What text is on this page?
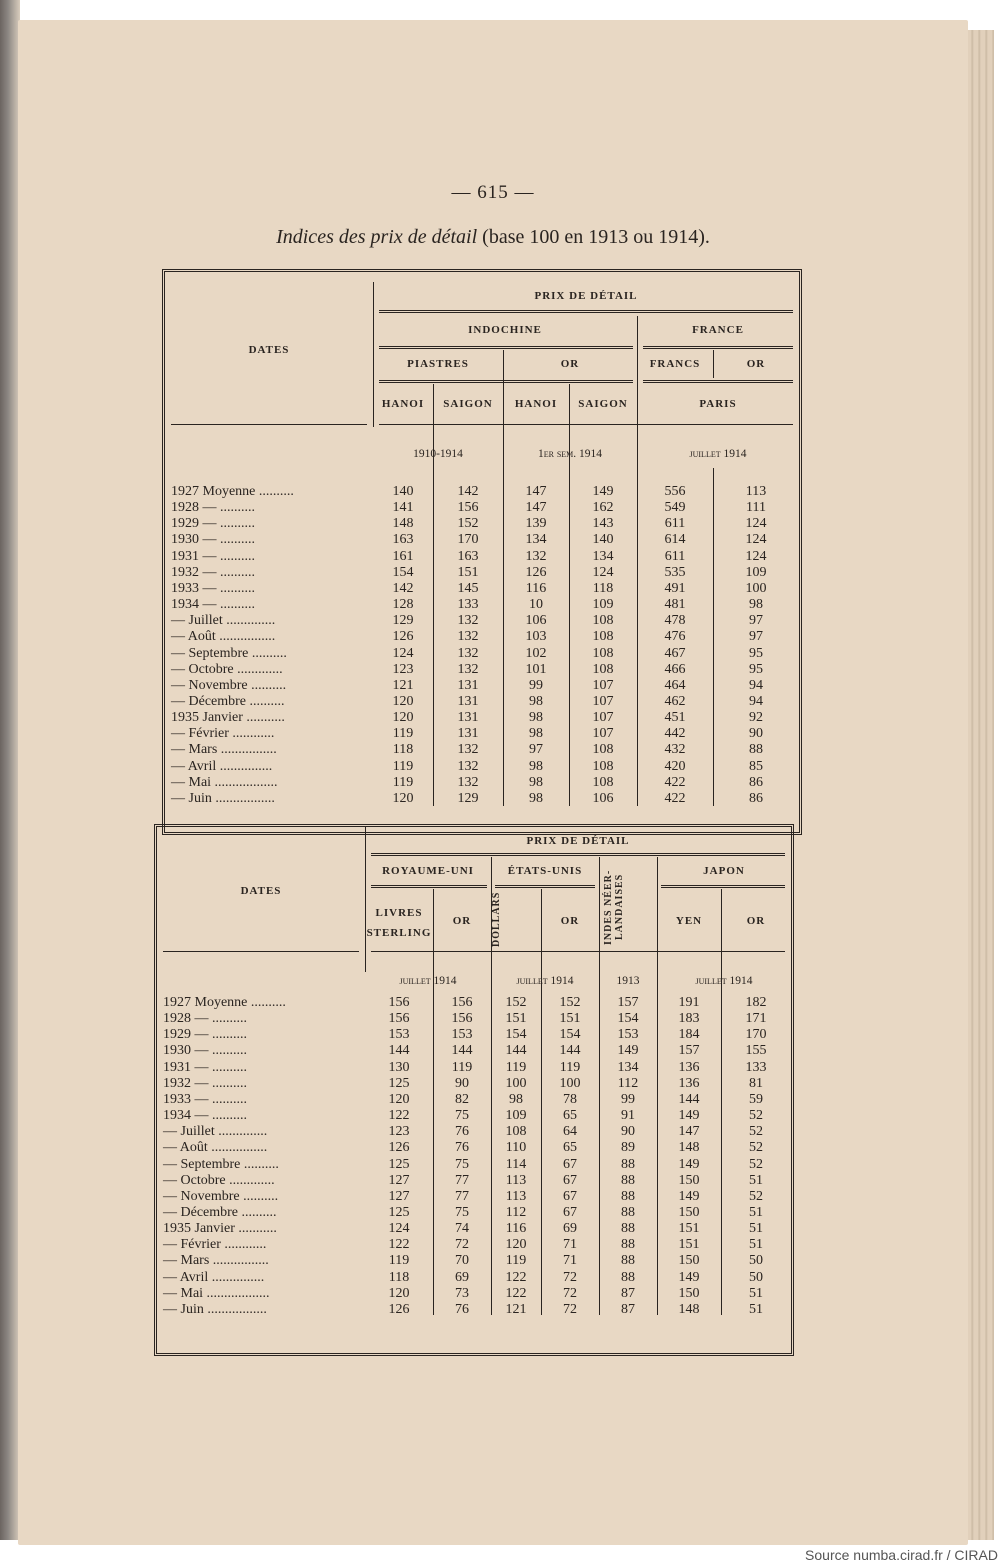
— 615 —
Indices des prix de détail (base 100 en 1913 ou 1914).
DATES
PRIX DE DÉTAIL
INDOCHINE	FRANCE
PIASTRES	OR	FRANCS	OR
HANOI	SAIGON	HANOI	SAIGON	PARIS
1910-1914	1er sem. 1914	juillet 1914
1927 Moyenne ..........	140	142	147	149	556	113
1928 — ..........	141	156	147	162	549	111
1929 — ..........	148	152	139	143	611	124
1930 — ..........	163	170	134	140	614	124
1931 — ..........	161	163	132	134	611	124
1932 — ..........	154	151	126	124	535	109
1933 — ..........	142	145	116	118	491	100
1934 — ..........	128	133	10	109	481	98
— Juillet ..............	129	132	106	108	478	97
— Août ................	126	132	103	108	476	97
— Septembre ..........	124	132	102	108	467	95
— Octobre .............	123	132	101	108	466	95
— Novembre ..........	121	131	99	107	464	94
— Décembre ..........	120	131	98	107	462	94
1935 Janvier ...........	120	131	98	107	451	92
— Février ............	119	131	98	107	442	90
— Mars ................	118	132	97	108	432	88
— Avril ...............	119	132	98	108	420	85
— Mai ..................	119	132	98	108	422	86
— Juin .................	120	129	98	106	422	86
DATES
PRIX DE DÉTAIL
ROYAUME-UNI	ÉTATS-UNIS	JAPON
INDES NÉER-LANDAISES
LIVRES
STERLING
OR	DOLLARS	OR	YEN	OR
juillet 1914	juillet 1914	1913	juillet 1914
1927 Moyenne ..........	156	156	152	152	157	191	182
1928 — ..........	156	156	151	151	154	183	171
1929 — ..........	153	153	154	154	153	184	170
1930 — ..........	144	144	144	144	149	157	155
1931 — ..........	130	119	119	119	134	136	133
1932 — ..........	125	90	100	100	112	136	81
1933 — ..........	120	82	98	78	99	144	59
1934 — ..........	122	75	109	65	91	149	52
— Juillet ..............	123	76	108	64	90	147	52
— Août ................	126	76	110	65	89	148	52
— Septembre ..........	125	75	114	67	88	149	52
— Octobre .............	127	77	113	67	88	150	51
— Novembre ..........	127	77	113	67	88	149	52
— Décembre ..........	125	75	112	67	88	150	51
1935 Janvier ...........	124	74	116	69	88	151	51
— Février ............	122	72	120	71	88	151	51
— Mars ................	119	70	119	71	88	150	50
— Avril ...............	118	69	122	72	88	149	50
— Mai ..................	120	73	122	72	87	150	51
— Juin .................	126	76	121	72	87	148	51
Source numba.cirad.fr / CIRAD
